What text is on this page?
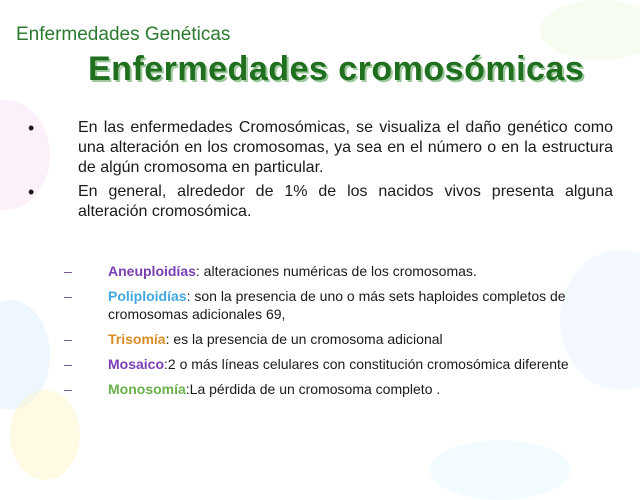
Enfermedades Genéticas
Enfermedades cromosómicas
•	En las enfermedades Cromosómicas, se visualiza el daño genético como una alteración en los cromosomas, ya sea en el número o en la estructura de algún cromosoma en particular.
•	En general, alrededor de 1% de los nacidos vivos presenta alguna alteración cromosómica.
–	Aneuploidías: alteraciones numéricas de los cromosomas.
–	Poliploidías: son la presencia de uno o más sets haploides completos de cromosomas adicionales 69,
–	Trisomía: es la presencia de un cromosoma adicional
–	Mosaico:2 o más líneas celulares con constitución cromosómica diferente
–	Monosomía:La pérdida de un cromosoma completo .
